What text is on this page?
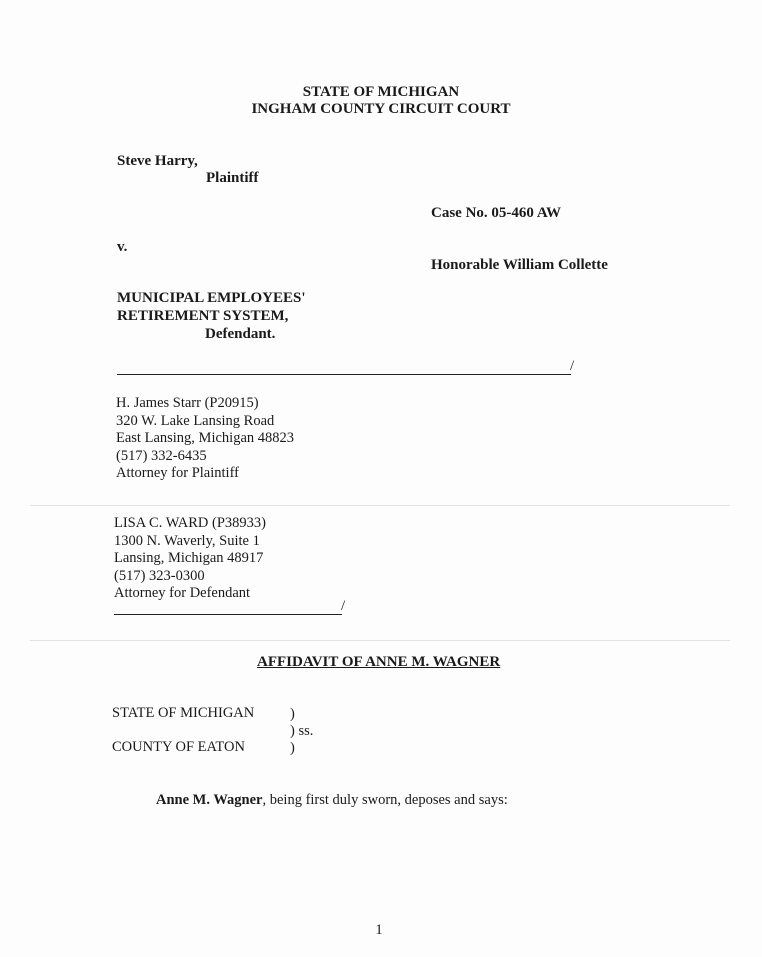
STATE OF MICHIGAN
INGHAM COUNTY CIRCUIT COURT
Steve Harry,
Plaintiff
Case No. 05-460 AW
v.
Honorable William Collette
MUNICIPAL EMPLOYEES'
RETIREMENT SYSTEM,
Defendant.
/
H. James Starr (P20915)
320 W. Lake Lansing Road
East Lansing, Michigan 48823
(517) 332-6435
Attorney for Plaintiff
LISA C. WARD (P38933)
1300 N. Waverly, Suite 1
Lansing, Michigan 48917
(517) 323-0300
Attorney for Defendant
/
AFFIDAVIT OF ANNE M. WAGNER
STATE OF MICHIGAN )
) ss.
COUNTY OF EATON	)
Anne M. Wagner, being first duly sworn, deposes and says:
1
